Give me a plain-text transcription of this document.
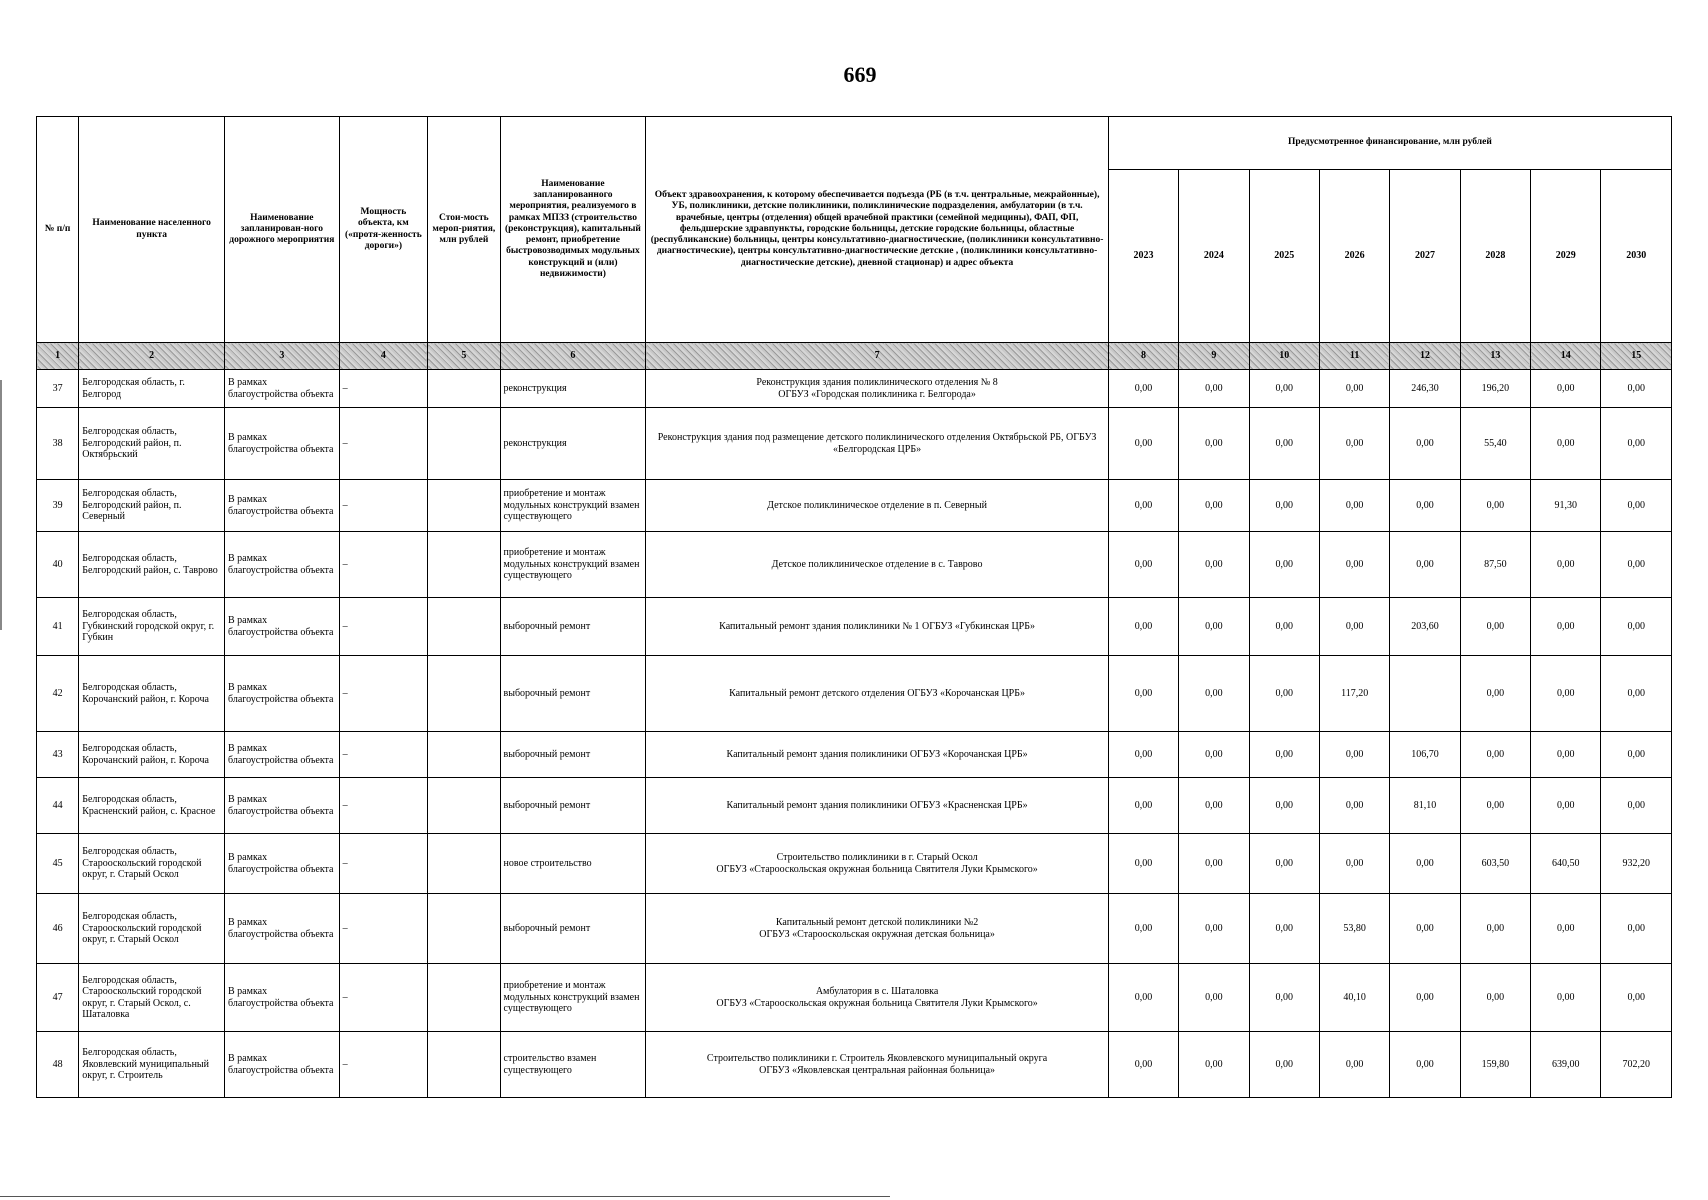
669
№ п/п	Наименование населенного пункта	Наименование запланирован-ного дорожного мероприятия	Мощность объекта, км («протя-женность дороги»)	Стои-мость мероп-риятия, млн рублей	Наименование запланированного мероприятия, реализуемого в рамках МПЗЗ (строительство (реконструкция), капитальный ремонт, приобретение быстровозводимых модульных конструкций и (или) недвижимости)	Объект здравоохранения, к которому обеспечивается подъезда (РБ (в т.ч. центральные, межрайонные), УБ, поликлиники, детские поликлиники, поликлинические подразделения, амбулатории (в т.ч. врачебные, центры (отделения) общей врачебной практики (семейной медицины), ФАП, ФП, фельдшерские здравпункты, городские больницы, детские городские больницы, областные (республиканские) больницы, центры консультативно-диагностические, (поликлиники консультативно-диагностические), центры консультативно-диагностические детские , (поликлиники консультативно-диагностические детские), дневной стационар) и адрес объекта	Предусмотренное финансирование, млн рублей							
							2023	2024	2025	2026	2027	2028	2029	2030
1	2	3	4	5	6	7	8	9	10	11	12	13	14	15
37	Белгородская область, г. Белгород	В рамках благоустройства объекта	–		реконструкция	Реконструкция здания поликлинического отделения № 8
ОГБУЗ «Городская поликлиника г. Белгорода»	0,00	0,00	0,00	0,00	246,30	196,20	0,00	0,00
38	Белгородская область, Белгородский район, п. Октябрьский	В рамках благоустройства объекта	–		реконструкция	Реконструкция здания под размещение детского поликлинического отделения Октябрьской РБ, ОГБУЗ «Белгородская ЦРБ»	0,00	0,00	0,00	0,00	0,00	55,40	0,00	0,00
39	Белгородская область, Белгородский район, п. Северный	В рамках благоустройства объекта	–		приобретение и монтаж модульных конструкций взамен существующего	Детское поликлиническое отделение в п. Северный	0,00	0,00	0,00	0,00	0,00	0,00	91,30	0,00
40	Белгородская область, Белгородский район, с. Таврово	В рамках благоустройства объекта	–		приобретение и монтаж модульных конструкций взамен существующего	Детское поликлиническое отделение в с. Таврово	0,00	0,00	0,00	0,00	0,00	87,50	0,00	0,00
41	Белгородская область, Губкинский городской округ, г. Губкин	В рамках благоустройства объекта	–		выборочный ремонт	Капитальный ремонт здания поликлиники № 1 ОГБУЗ «Губкинская ЦРБ»	0,00	0,00	0,00	0,00	203,60	0,00	0,00	0,00
42	Белгородская область, Корочанский район, г. Короча	В рамках благоустройства объекта	–		выборочный ремонт	Капитальный ремонт детского отделения ОГБУЗ «Корочанская ЦРБ»	0,00	0,00	0,00	117,20		0,00	0,00	0,00
43	Белгородская область, Корочанский район, г. Короча	В рамках благоустройства объекта	–		выборочный ремонт	Капитальный ремонт здания поликлиники ОГБУЗ «Корочанская ЦРБ»	0,00	0,00	0,00	0,00	106,70	0,00	0,00	0,00
44	Белгородская область, Красненский район, с. Красное	В рамках благоустройства объекта	–		выборочный ремонт	Капитальный ремонт здания поликлиники ОГБУЗ «Красненская ЦРБ»	0,00	0,00	0,00	0,00	81,10	0,00	0,00	0,00
45	Белгородская область, Старооскольский городской округ, г. Старый Оскол	В рамках благоустройства объекта	–		новое строительство	Строительство поликлиники в г. Старый Оскол
ОГБУЗ «Старооскольская окружная больница Святителя Луки Крымского»	0,00	0,00	0,00	0,00	0,00	603,50	640,50	932,20
46	Белгородская область, Старооскольский городской округ, г. Старый Оскол	В рамках благоустройства объекта	–		выборочный ремонт	Капитальный ремонт детской поликлиники №2
ОГБУЗ «Старооскольская окружная детская больница»	0,00	0,00	0,00	53,80	0,00	0,00	0,00	0,00
47	Белгородская область, Старооскольский городской округ, г. Старый Оскол, с. Шаталовка	В рамках благоустройства объекта	–		приобретение и монтаж модульных конструкций взамен существующего	Амбулатория в с. Шаталовка
ОГБУЗ «Старооскольская окружная больница Святителя Луки Крымского»	0,00	0,00	0,00	40,10	0,00	0,00	0,00	0,00
48	Белгородская область, Яковлевский муниципальный округ, г. Строитель	В рамках благоустройства объекта	–		строительство взамен существующего	Строительство поликлиники г. Строитель Яковлевского муниципальный округа
ОГБУЗ «Яковлевская центральная районная больница»	0,00	0,00	0,00	0,00	0,00	159,80	639,00	702,20
